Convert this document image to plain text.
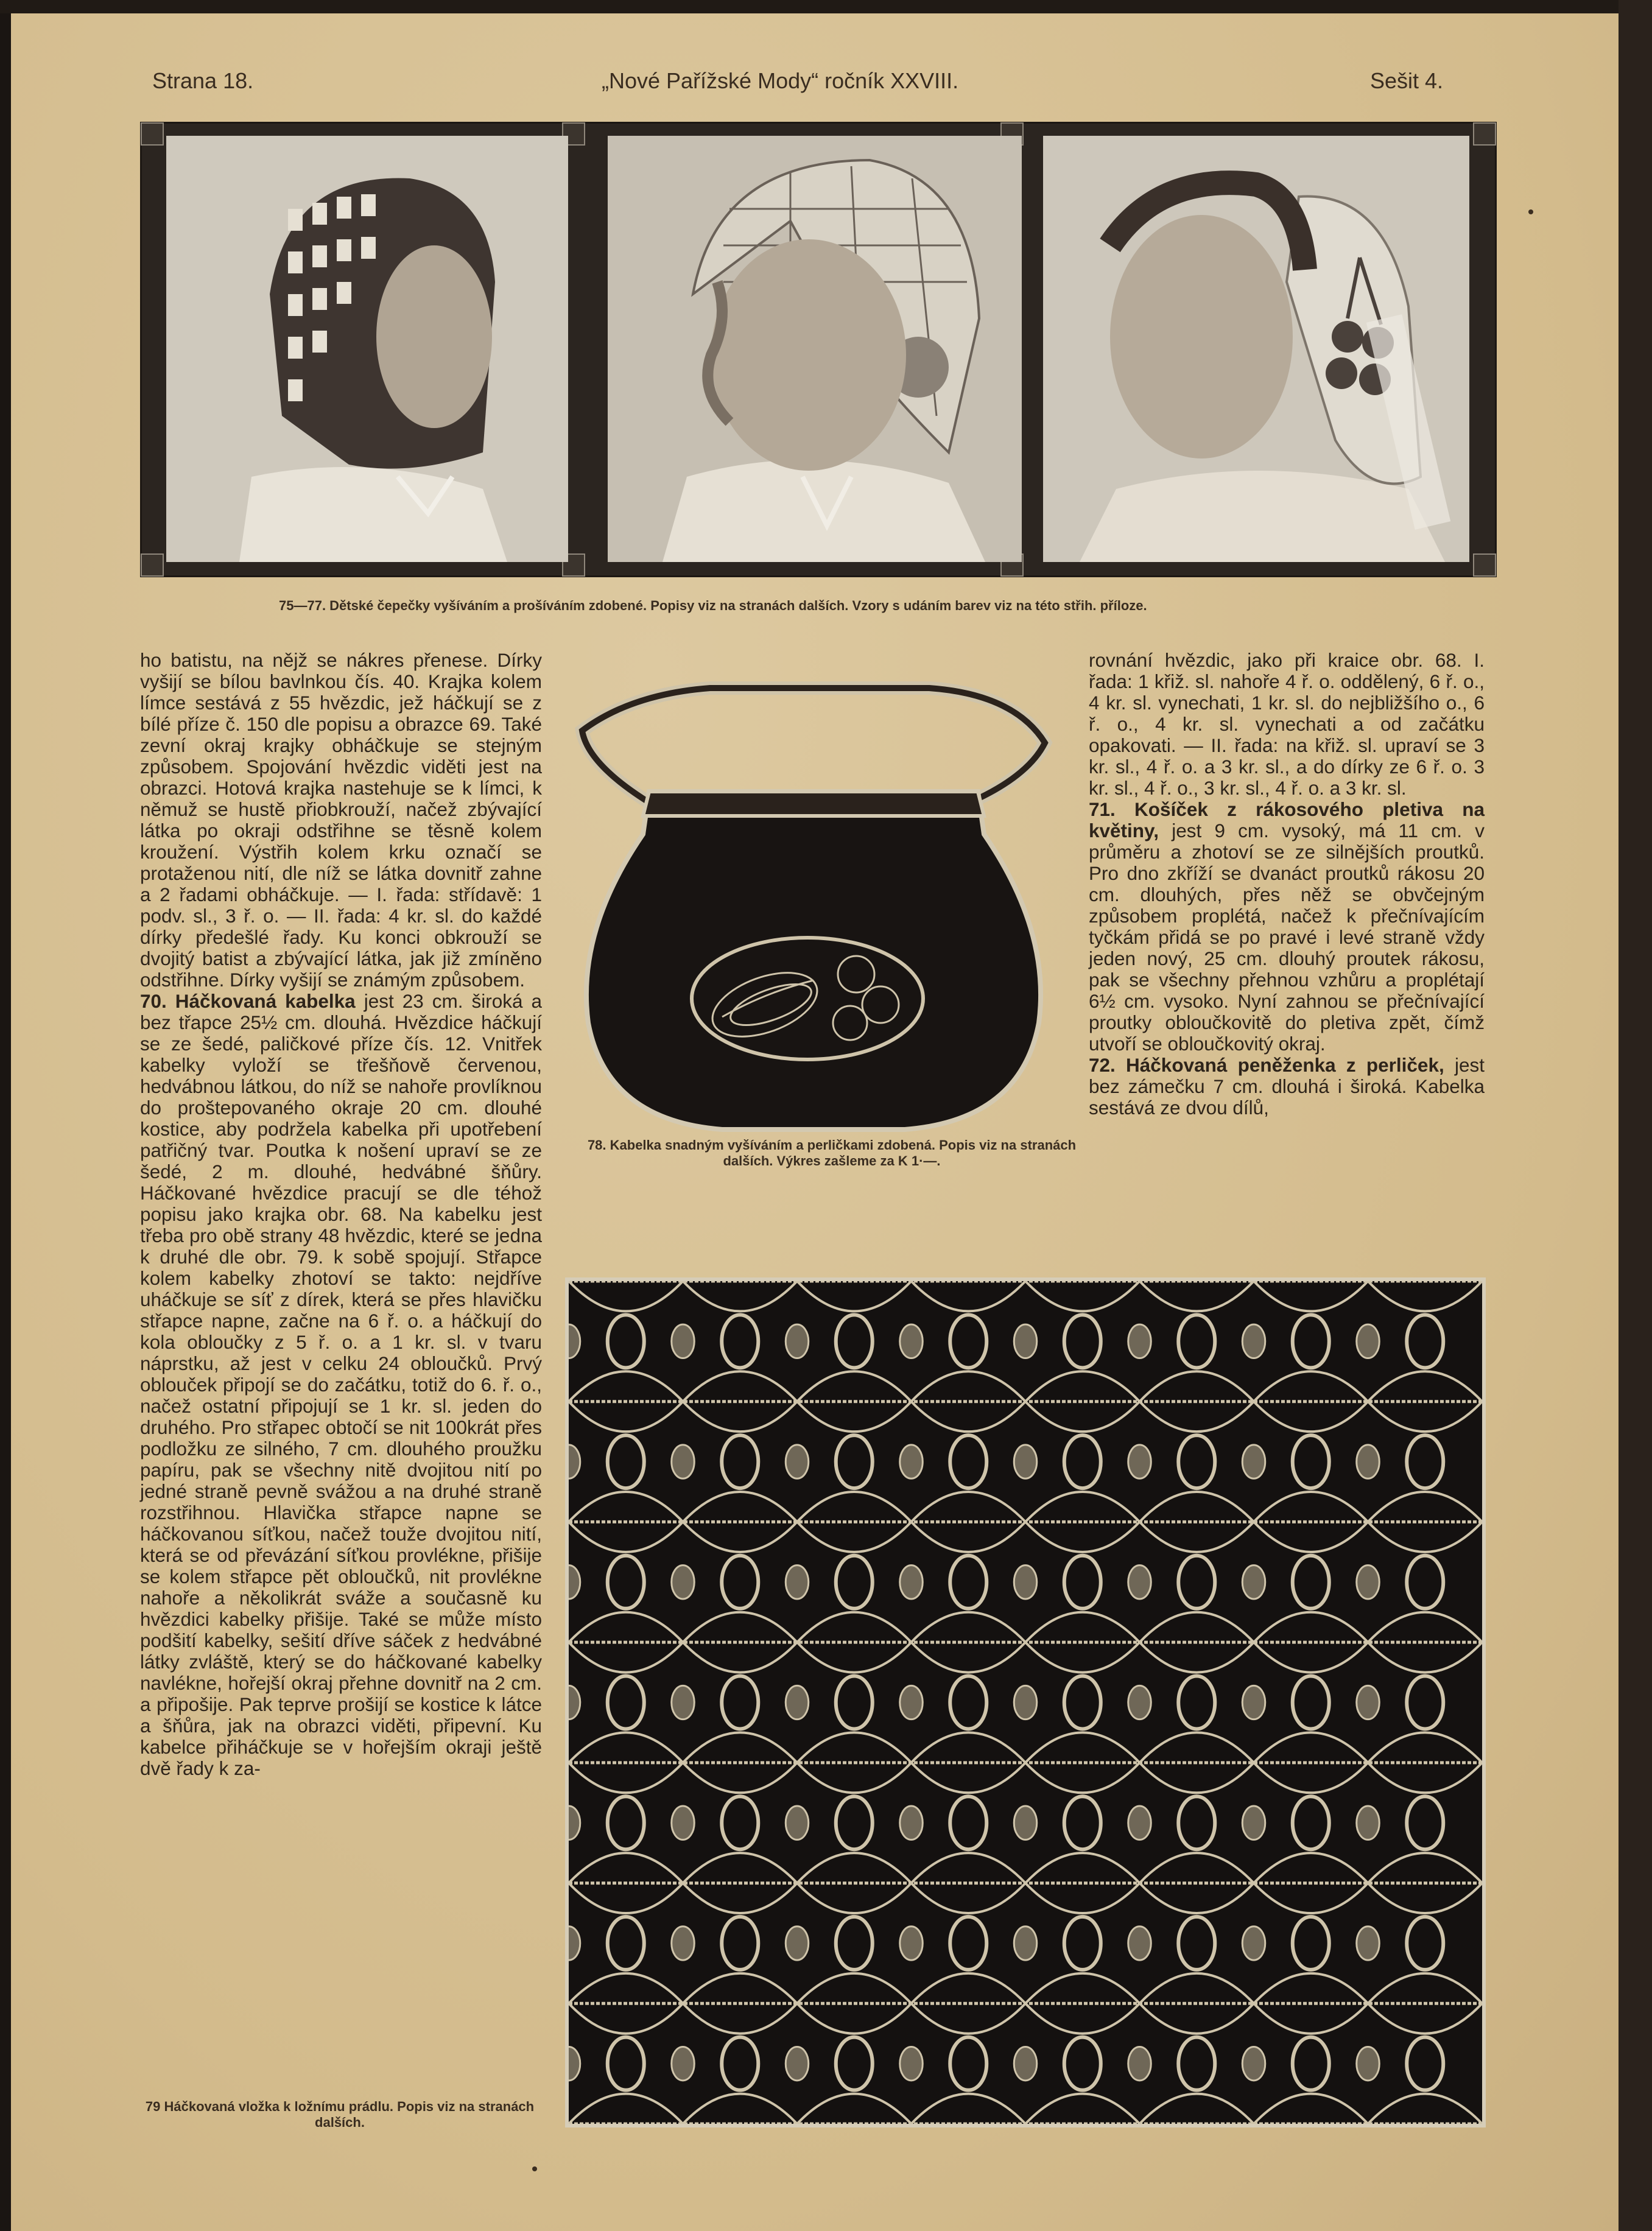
Strana 18.	„Nové Pařížské Mody“ ročník XXVIII.	Sešit 4.
75—77. Dětské čepečky vyšíváním a prošíváním zdobené. Popisy viz na stranách dalších. Vzory s udáním barev viz na této střih. příloze.

ho batistu, na nějž se nákres přenese. Dírky vyšijí se bílou bavlnkou čís. 40. Krajka kolem límce sestává z 55 hvězdic, jež háčkují se z bílé příze č. 150 dle popisu a obrazce 69. Také zevní okraj krajky obháčkuje se stejným způsobem. Spojování hvězdic viděti jest na obrazci. Hotová krajka nastehuje se k límci, k němuž se hustě přiobkrouží, načež zbývající látka po okraji odstřihne se těsně kolem kroužení. Výstřih kolem krku označí se protaženou nití, dle níž se látka dovnitř zahne a 2 řadami obháčkuje. — I. řada: střídavě: 1 podv. sl., 3 ř. o. — II. řada: 4 kr. sl. do každé dírky předešlé řady. Ku konci obkrouží se dvojitý batist a zbývající látka, jak již zmíněno odstřihne. Dírky vyšijí se známým způsobem.

70. Háčkovaná kabelka jest 23 cm. široká a bez třapce 25½ cm. dlouhá. Hvězdice háčkují se ze šedé, paličkové příze čís. 12. Vnitřek kabelky vyloží se třešňově červenou, hedvábnou látkou, do níž se nahoře provlíknou do proštepovaného okraje 20 cm. dlouhé kostice, aby podržela kabelka při upotřebení patřičný tvar. Poutka k nošení upraví se ze šedé, 2 m. dlouhé, hedvábné šňůry. Háčkované hvězdice pracují se dle téhož popisu jako krajka obr. 68. Na kabelku jest třeba pro obě strany 48 hvězdic, které se jedna k druhé dle obr. 79. k sobě spojují. Střapce kolem kabelky zhotoví se takto: nejdříve uháčkuje se síť z dírek, která se přes hlavičku střapce napne, začne na 6 ř. o. a háčkují do kola obloučky z 5 ř. o. a 1 kr. sl. v tvaru náprstku, až jest v celku 24 obloučků. Prvý oblouček připojí se do začátku, totiž do 6. ř. o., načež ostatní připojují se 1 kr. sl. jeden do druhého. Pro střapec obtočí se nit 100krát přes podložku ze silného, 7 cm. dlouhého proužku papíru, pak se všechny nitě dvojitou nití po jedné straně pevně svážou a na druhé straně rozstřihnou. Hlavička střapce napne se háčkovanou síťkou, načež touže dvojitou nití, která se od převázání síťkou provlékne, přišije se kolem střapce pět obloučků, nit provlékne nahoře a několikrát sváže a současně ku hvězdici kabelky přišije. Také se může místo podšití kabelky, sešití dříve sáček z hedvábné látky zvláště, který se do háčkované kabelky navlékne, hořejší okraj přehne dovnitř na 2 cm. a připošije. Pak teprve prošijí se kostice k látce a šňůra, jak na obrazci viděti, připevní. Ku kabelce přiháčkuje se v hořejším okraji ještě dvě řady k za-

78. Kabelka snadným vyšíváním a perličkami zdobená. Popis viz na stranách dalších. Výkres zašleme za K 1·—.

rovnání hvězdic, jako při kraice obr. 68. I. řada: 1 křiž. sl. nahoře 4 ř. o. oddělený, 6 ř. o., 4 kr. sl. vynechati, 1 kr. sl. do nejbližšího o., 6 ř. o., 4 kr. sl. vynechati a od začátku opakovati. — II. řada: na křiž. sl. upraví se 3 kr. sl., 4 ř. o. a 3 kr. sl., a do dírky ze 6 ř. o. 3 kr. sl., 4 ř. o., 3 kr. sl., 4 ř. o. a 3 kr. sl.

71. Košíček z rákosového pletiva na květiny, jest 9 cm. vysoký, má 11 cm. v průměru a zhotoví se ze silnějších proutků. Pro dno zkříží se dvanáct proutků rákosu 20 cm. dlouhých, přes něž se obvčejným způsobem proplétá, načež k přečnívajícím tyčkám přidá se po pravé i levé straně vždy jeden nový, 25 cm. dlouhý proutek rákosu, pak se všechny přehnou vzhůru a proplétají 6½ cm. vysoko. Nyní zahnou se přečnívající proutky obloučkovitě do pletiva zpět, čímž utvoří se obloučkovitý okraj.

72. Háčkovaná peněženka z perliček, jest bez zámečku 7 cm. dlouhá i široká. Kabelka sestává ze dvou dílů,

79 Háčkovaná vložka k ložnímu prádlu. Popis viz na stranách dalších.
